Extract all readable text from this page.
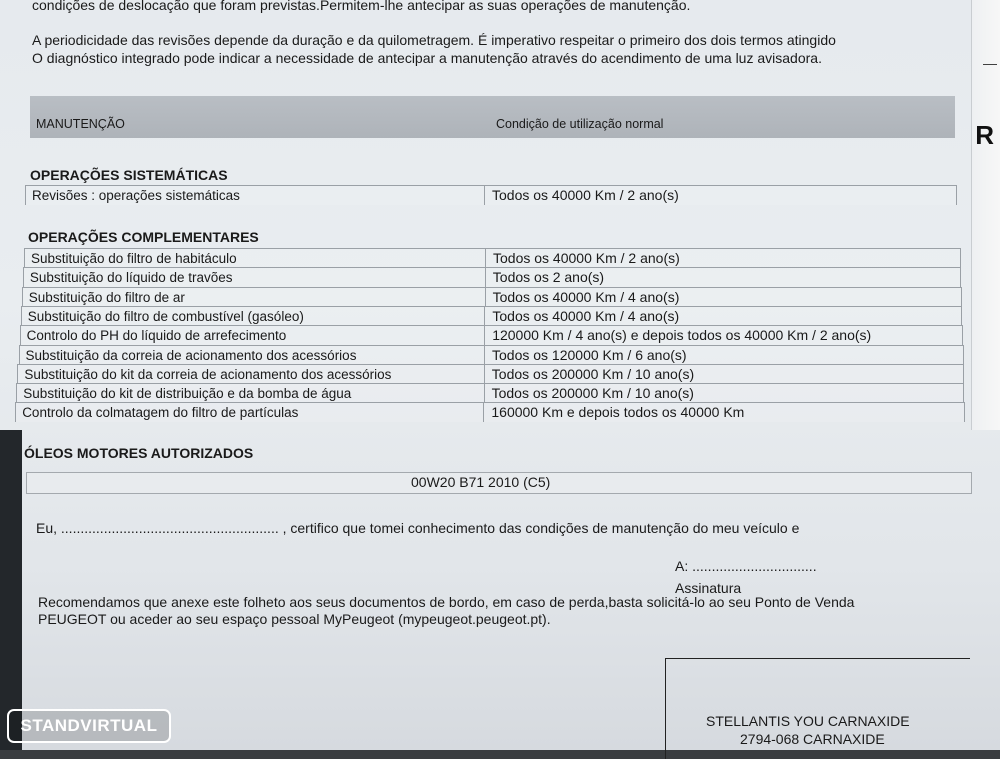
condições de deslocação que foram previstas.Permitem-lhe antecipar as suas operações de manutenção.
A periodicidade das revisões depende da duração e da quilometragem. É imperativo respeitar o primeiro dos dois termos atingido
O diagnóstico integrado pode indicar a necessidade de antecipar a manutenção através do acendimento de uma luz avisadora.
MANUTENÇÃO	Condição de utilização normal
OPERAÇÕES SISTEMÁTICAS
Revisões : operações sistemáticas	Todos os 40000 Km / 2 ano(s)
OPERAÇÕES COMPLEMENTARES
Substituição do filtro de habitáculo	Todos os 40000 Km / 2 ano(s)
Substituição do líquido de travões	Todos os 2 ano(s)
Substituição do filtro de ar	Todos os 40000 Km / 4 ano(s)
Substituição do filtro de combustível (gasóleo)	Todos os 40000 Km / 4 ano(s)
Controlo do PH do líquido de arrefecimento	120000 Km / 4 ano(s) e depois todos os 40000 Km / 2 ano(s)
Substituição da correia de acionamento dos acessórios	Todos os 120000 Km / 6 ano(s)
Substituição do kit da correia de acionamento dos acessórios	Todos os 200000 Km / 10 ano(s)
Substituição do kit de distribuição e da bomba de água	Todos os 200000 Km / 10 ano(s)
Controlo da colmatagem do filtro de partículas	160000 Km e depois todos os 40000 Km
ÓLEOS MOTORES AUTORIZADOS
00W20 B71 2010 (C5)
Eu, ........................................................ , certifico que tomei conhecimento das condições de manutenção do meu veículo e
A: ................................
Assinatura
Recomendamos que anexe este folheto aos seus documentos de bordo, em caso de perda,basta solicitá-lo ao seu Ponto de Venda
PEUGEOT ou aceder ao seu espaço pessoal MyPeugeot (mypeugeot.peugeot.pt).
STELLANTIS YOU CARNAXIDE
2794-068 CARNAXIDE
—
R
STANDVIRTUAL
